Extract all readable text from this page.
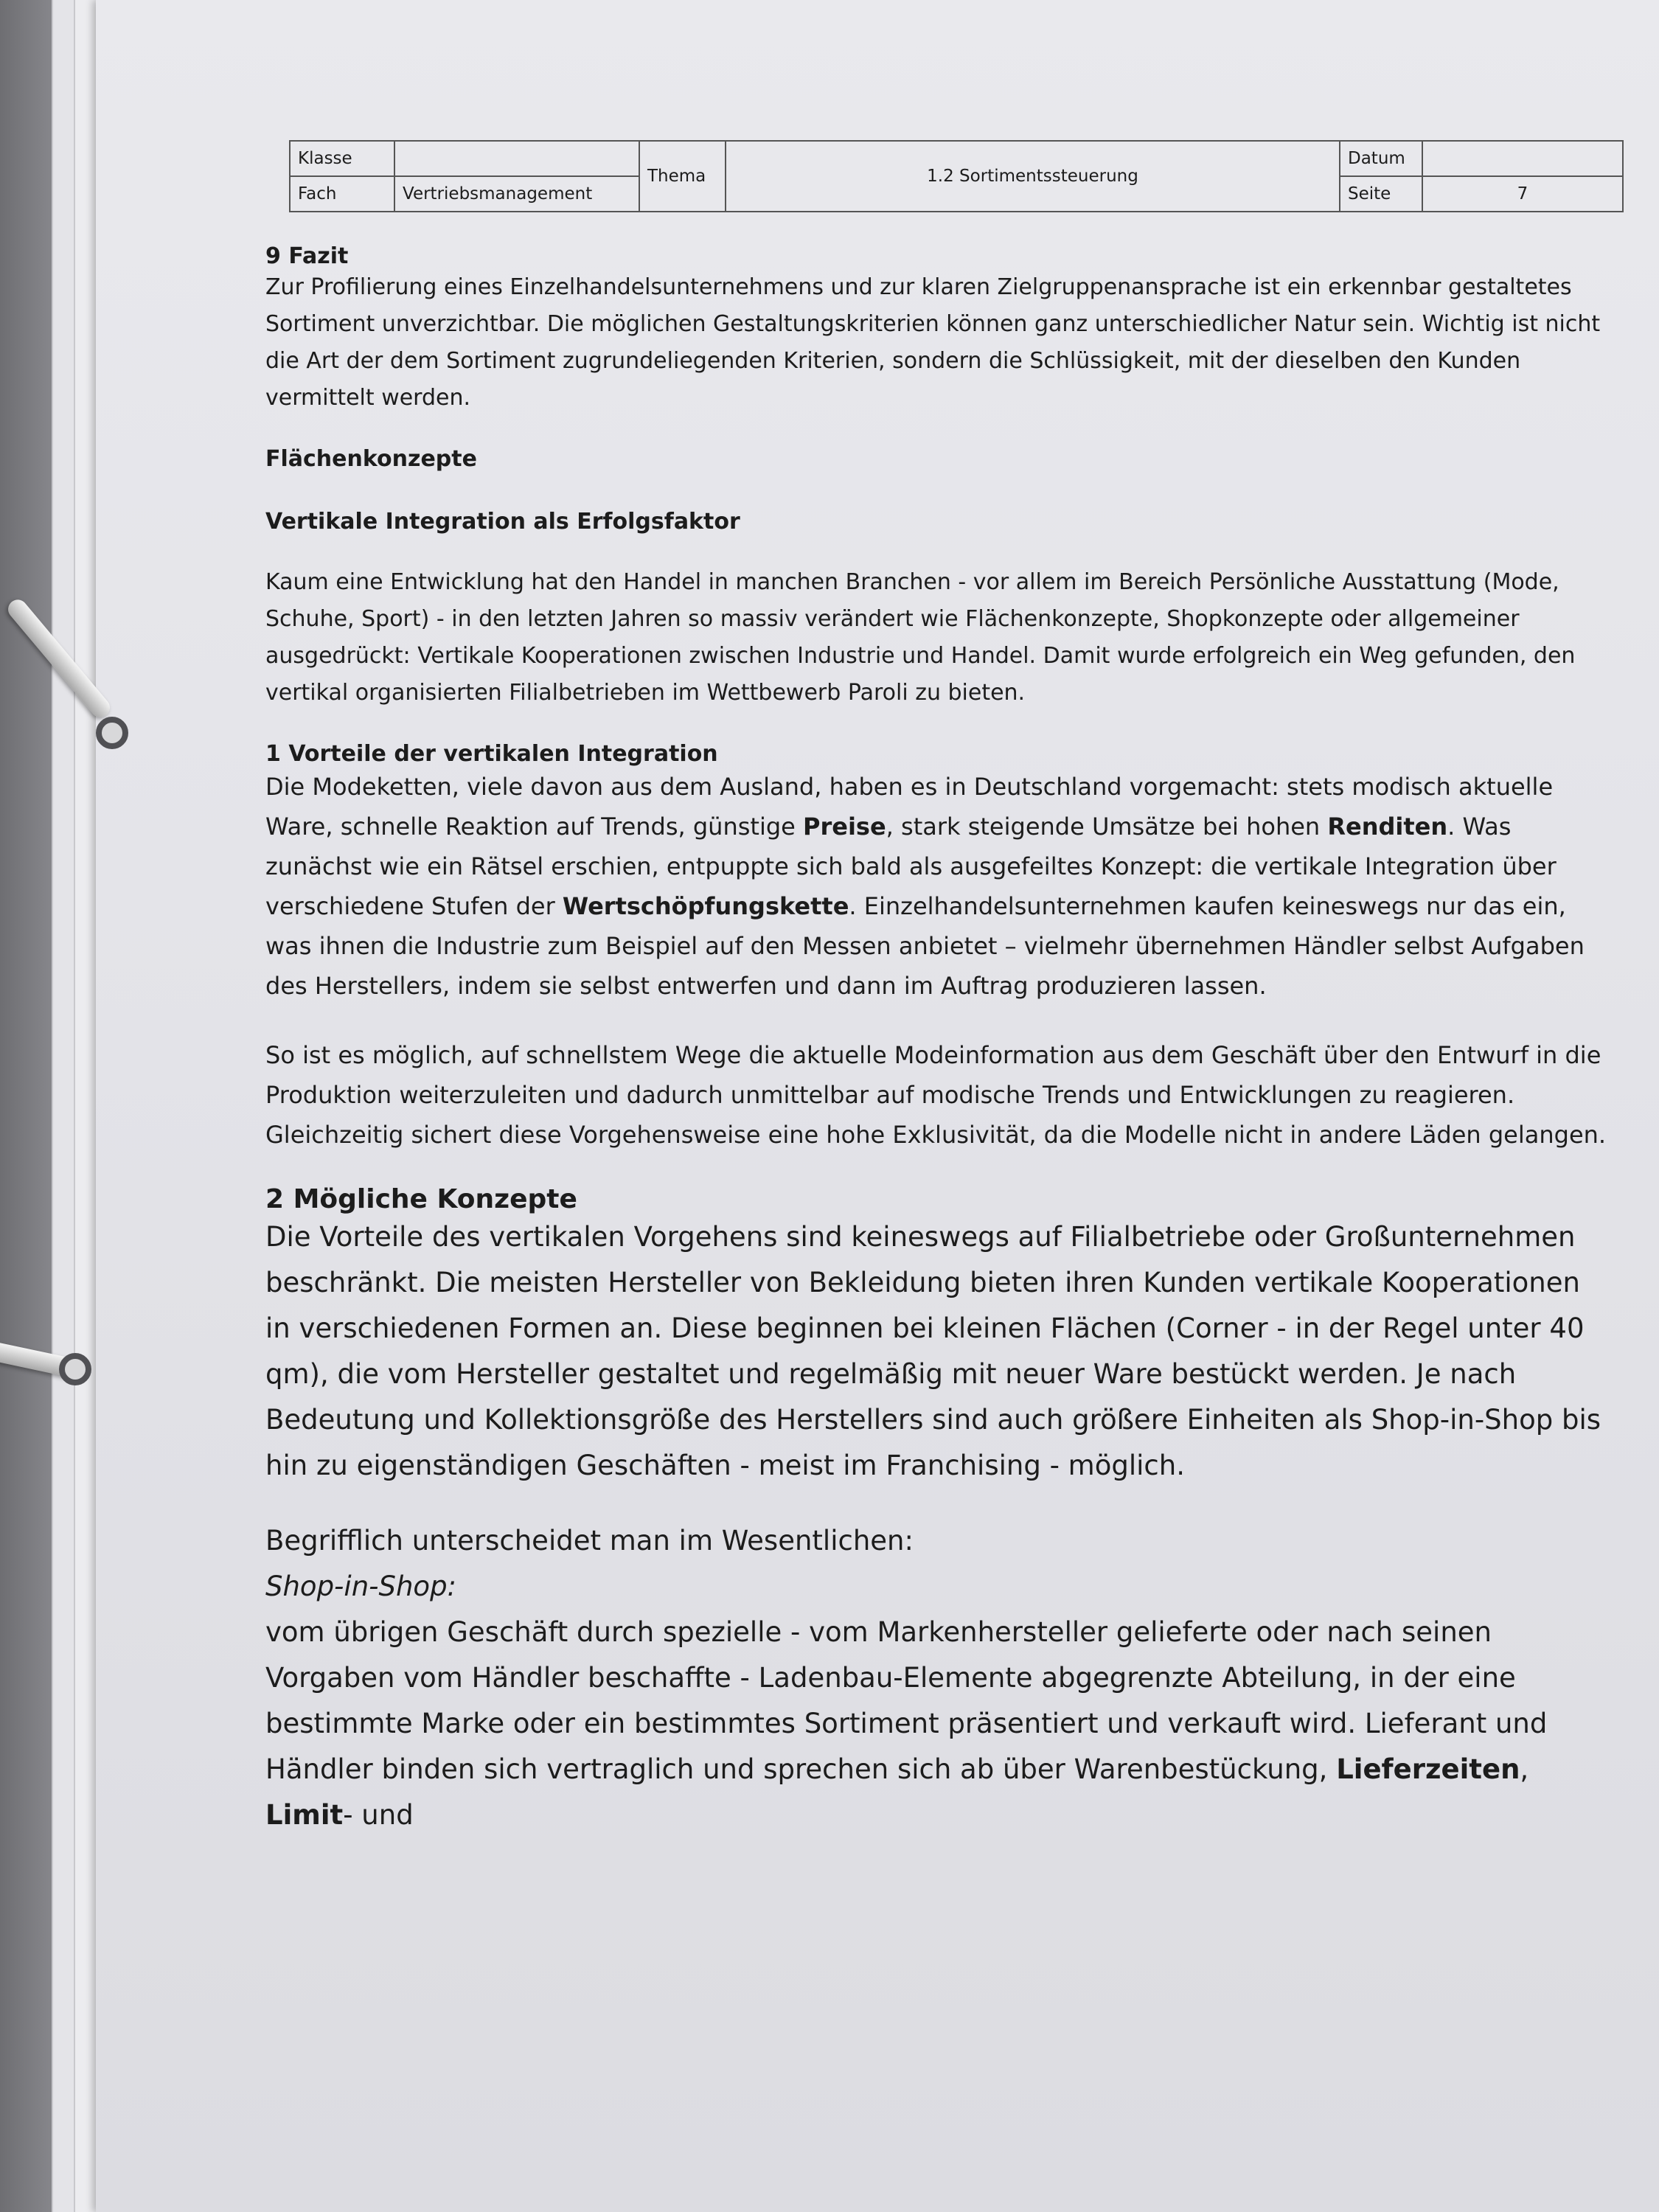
Klasse		Thema	1.2 Sortimentssteuerung	Datum	
Fach	Vertriebsmanagement			Seite	7
9 Fazit

Zur Profilierung eines Einzelhandelsunternehmens und zur klaren Zielgruppenansprache ist ein erkennbar gestaltetes Sortiment unverzichtbar. Die möglichen Gestaltungskriterien können ganz unterschiedlicher Natur sein. Wichtig ist nicht die Art der dem Sortiment zugrundeliegenden Kriterien, sondern die Schlüssigkeit, mit der dieselben den Kunden vermittelt werden.

Flächenkonzepte
Vertikale Integration als Erfolgsfaktor

Kaum eine Entwicklung hat den Handel in manchen Branchen - vor allem im Bereich Persönliche Ausstattung (Mode, Schuhe, Sport) - in den letzten Jahren so massiv verändert wie Flächenkonzepte, Shopkonzepte oder allgemeiner ausgedrückt: Vertikale Kooperationen zwischen Industrie und Handel. Damit wurde erfolgreich ein Weg gefunden, den vertikal organisierten Filialbetrieben im Wettbewerb Paroli zu bieten.

1 Vorteile der vertikalen Integration

Die Modeketten, viele davon aus dem Ausland, haben es in Deutschland vorgemacht: stets modisch aktuelle Ware, schnelle Reaktion auf Trends, günstige Preise, stark steigende Umsätze bei hohen Renditen. Was zunächst wie ein Rätsel erschien, entpuppte sich bald als ausgefeiltes Konzept: die vertikale Integration über verschiedene Stufen der Wertschöpfungskette. Einzelhandelsunternehmen kaufen keineswegs nur das ein, was ihnen die Industrie zum Beispiel auf den Messen anbietet – vielmehr übernehmen Händler selbst Aufgaben des Herstellers, indem sie selbst entwerfen und dann im Auftrag produzieren lassen.

So ist es möglich, auf schnellstem Wege die aktuelle Modeinformation aus dem Geschäft über den Entwurf in die Produktion weiterzuleiten und dadurch unmittelbar auf modische Trends und Entwicklungen zu reagieren. Gleichzeitig sichert diese Vorgehensweise eine hohe Exklusivität, da die Modelle nicht in andere Läden gelangen.

2 Mögliche Konzepte

Die Vorteile des vertikalen Vorgehens sind keineswegs auf Filialbetriebe oder Großunternehmen beschränkt. Die meisten Hersteller von Bekleidung bieten ihren Kunden vertikale Kooperationen in verschiedenen Formen an. Diese beginnen bei kleinen Flächen (Corner - in der Regel unter 40 qm), die vom Hersteller gestaltet und regelmäßig mit neuer Ware bestückt werden. Je nach Bedeutung und Kollektionsgröße des Herstellers sind auch größere Einheiten als Shop-in-Shop bis hin zu eigenständigen Geschäften - meist im Franchising - möglich.

Begrifflich unterscheidet man im Wesentlichen:

Shop-in-Shop:

vom übrigen Geschäft durch spezielle - vom Markenhersteller gelieferte oder nach seinen Vorgaben vom Händler beschaffte - Ladenbau-Elemente abgegrenzte Abteilung, in der eine bestimmte Marke oder ein bestimmtes Sortiment präsentiert und verkauft wird. Lieferant und Händler binden sich vertraglich und sprechen sich ab über Warenbestückung, Lieferzeiten, Limit- und
